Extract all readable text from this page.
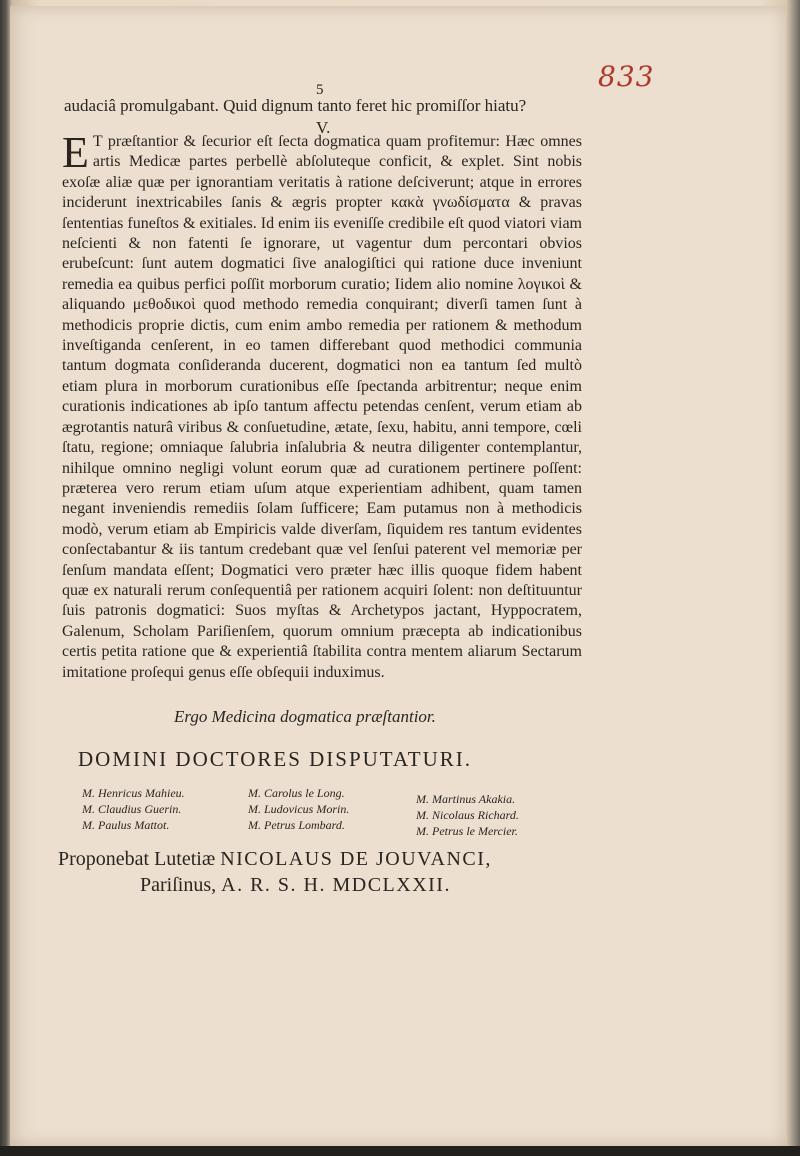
833
5
audaciâ promulgabant. Quid dignum tanto feret hic promiſſor hiatu?
V.

E T præſtantior & ſecurior eſt ſecta dogmatica quam profitemur: Hæc omnes artis Medicæ partes perbellè abſoluteque conficit, & explet. Sint nobis exoſæ aliæ quæ per ignorantiam veritatis à ratione deſciverunt; atque in errores inciderunt inextricabiles ſanis & ægris propter κακὰ γνωδίσματα & pravas ſententias funeſtos & exitiales. Id enim iis eveniſſe credibile eſt quod viatori viam neſcienti & non fatenti ſe ignorare, ut vagentur dum percontari obvios erubeſcunt: ſunt autem dogmatici ſive analogiſtici qui ratione duce inveniunt remedia ea quibus perfici poſſit morborum curatio; Iidem alio nomine λογικοὶ & aliquando μεθοδικοὶ quod methodo remedia conquirant; diverſi tamen ſunt à methodicis proprie dictis, cum enim ambo remedia per rationem & methodum inveſtiganda cenſerent, in eo tamen differebant quod methodici communia tantum dogmata conſideranda ducerent, dogmatici non ea tantum ſed multò etiam plura in morborum curationibus eſſe ſpectanda arbitrentur; neque enim curationis indicationes ab ipſo tantum affectu petendas cenſent, verum etiam ab ægrotantis naturâ viribus & conſuetudine, ætate, ſexu, habitu, anni tempore, cœli ſtatu, regione; omniaque ſalubria inſalubria & neutra diligenter contemplantur, nihilque omnino negligi volunt eorum quæ ad curationem pertinere poſſent: præterea vero rerum etiam uſum atque experientiam adhibent, quam tamen negant inveniendis remediis ſolam ſufficere; Eam putamus non à methodicis modò, verum etiam ab Empiricis valde diverſam, ſiquidem res tantum evidentes conſectabantur & iis tantum credebant quæ vel ſenſui paterent vel memoriæ per ſenſum mandata eſſent; Dogmatici vero præter hæc illis quoque fidem habent quæ ex naturali rerum conſequentiâ per rationem acquiri ſolent: non deſtituuntur ſuis patronis dogmatici: Suos myſtas & Archetypos jactant, Hyppocratem, Galenum, Scholam Pariſienſem, quorum omnium præcepta ab indicationibus certis petita ratione que & experientiâ ſtabilita contra mentem aliarum Sectarum imitatione proſequi genus eſſe obſequii induximus.

Ergo Medicina dogmatica præſtantior.
DOMINI DOCTORES DISPUTATURI.
M. Henricus Mahieu.
M. Claudius Guerin.
M. Paulus Mattot.
M. Carolus le Long.
M. Ludovicus Morin.
M. Petrus Lombard.
M. Martinus Akakia.
M. Nicolaus Richard.
M. Petrus le Mercier.
Proponebat Lutetiæ NICOLAUS DE JOUVANCI,
Pariſinus, A. R. S. H. MDCLXXII.
